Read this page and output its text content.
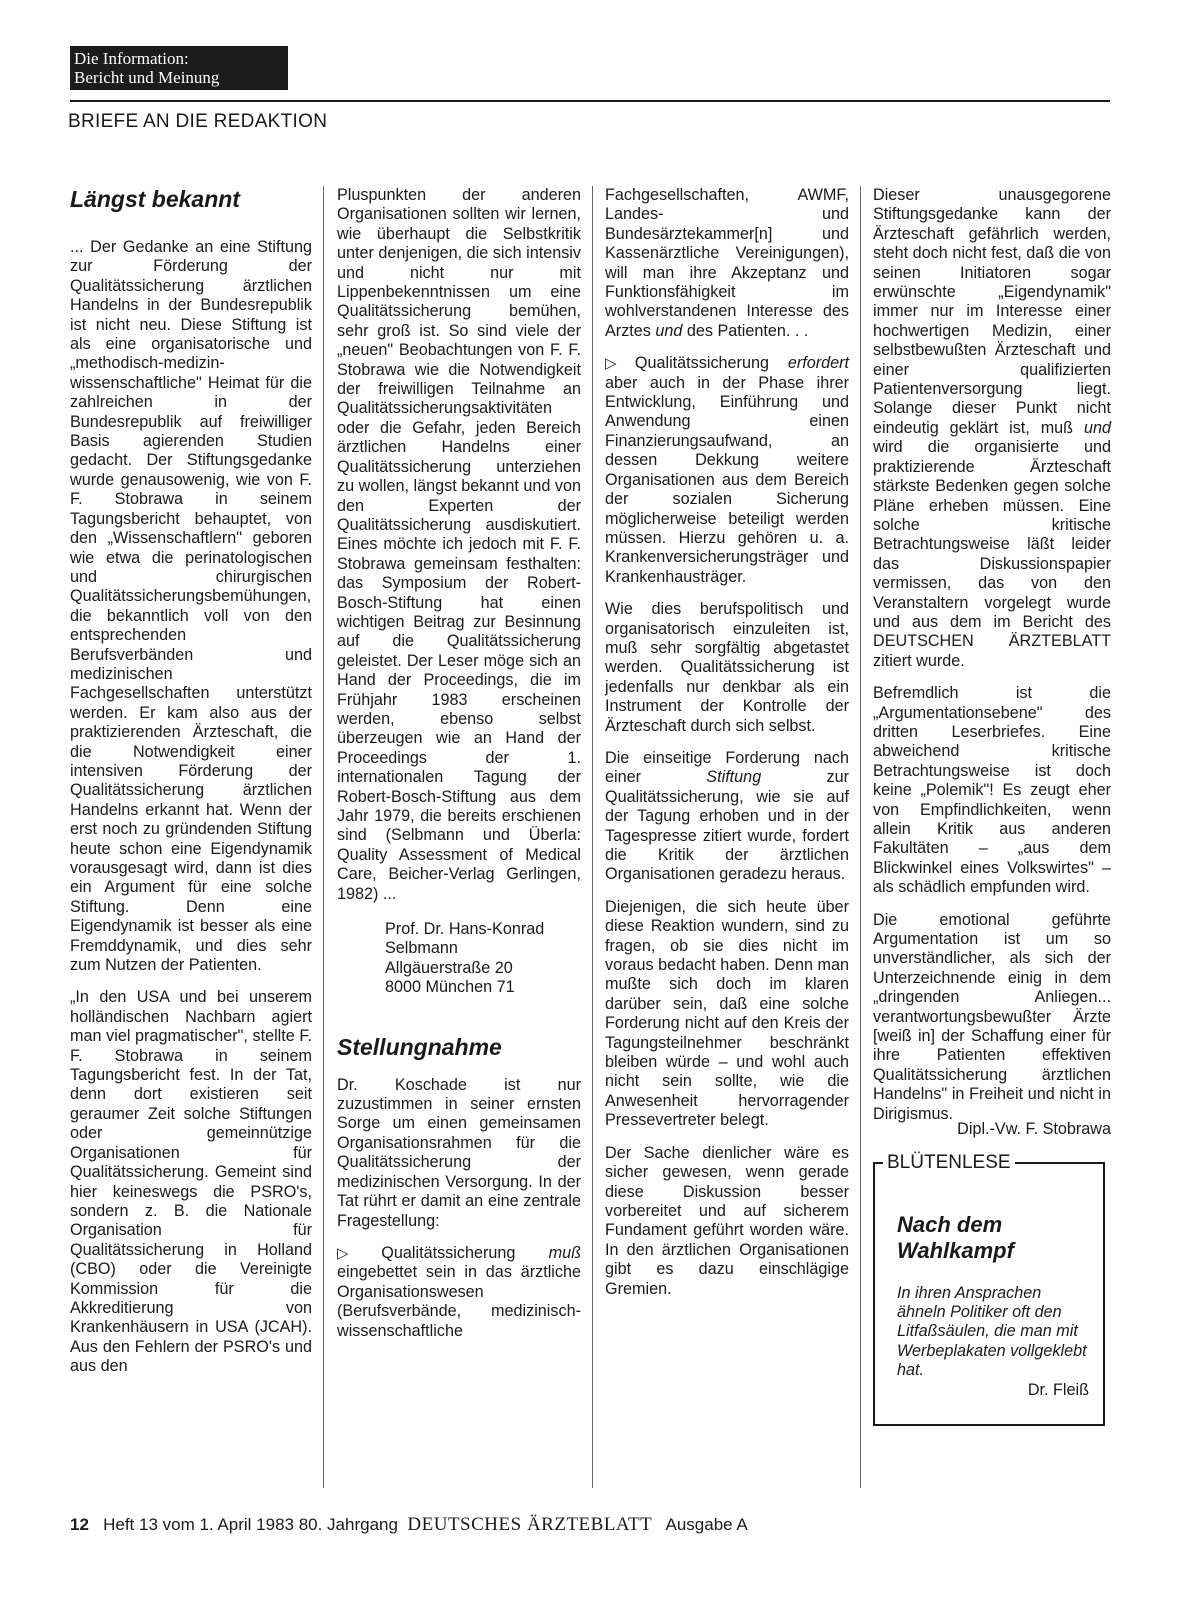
Die Information:
Bericht und Meinung
BRIEFE AN DIE REDAKTION
Längst bekannt

... Der Gedanke an eine Stiftung zur Förderung der Qualitätssicherung ärztlichen Handelns in der Bundesrepublik ist nicht neu. Diese Stiftung ist als eine organisatorische und „methodisch-medizin-wissenschaftliche" Heimat für die zahlreichen in der Bundesrepublik auf freiwilliger Basis agierenden Studien gedacht. Der Stiftungsgedanke wurde genausowenig, wie von F. F. Stobrawa in seinem Tagungsbericht behauptet, von den „Wissenschaftlern" geboren wie etwa die perinatologischen und chirurgischen Qualitätssicherungsbemühungen, die bekanntlich voll von den entsprechenden Berufsverbänden und medizinischen Fachgesellschaften unterstützt werden. Er kam also aus der praktizierenden Ärzteschaft, die die Notwendigkeit einer intensiven Förderung der Qualitätssicherung ärztlichen Handelns erkannt hat. Wenn der erst noch zu gründenden Stiftung heute schon eine Eigendynamik vorausgesagt wird, dann ist dies ein Argument für eine solche Stiftung. Denn eine Eigendynamik ist besser als eine Fremddynamik, und dies sehr zum Nutzen der Patienten.

„In den USA und bei unserem holländischen Nachbarn agiert man viel pragmatischer", stellte F. F. Stobrawa in seinem Tagungsbericht fest. In der Tat, denn dort existieren seit geraumer Zeit solche Stiftungen oder gemeinnützige Organisationen für Qualitätssicherung. Gemeint sind hier keineswegs die PSRO's, sondern z. B. die Nationale Organisation für Qualitätssicherung in Holland (CBO) oder die Vereinigte Kommission für die Akkreditierung von Krankenhäusern in USA (JCAH). Aus den Fehlern der PSRO's und aus den

Pluspunkten der anderen Organisationen sollten wir lernen, wie überhaupt die Selbstkritik unter denjenigen, die sich intensiv und nicht nur mit Lippenbekenntnissen um eine Qualitätssicherung bemühen, sehr groß ist. So sind viele der „neuen" Beobachtungen von F. F. Stobrawa wie die Notwendigkeit der freiwilligen Teilnahme an Qualitätssicherungsaktivitäten oder die Gefahr, jeden Bereich ärztlichen Handelns einer Qualitätssicherung unterziehen zu wollen, längst bekannt und von den Experten der Qualitätssicherung ausdiskutiert. Eines möchte ich jedoch mit F. F. Stobrawa gemeinsam festhalten: das Symposium der Robert-Bosch-Stiftung hat einen wichtigen Beitrag zur Besinnung auf die Qualitätssicherung geleistet. Der Leser möge sich an Hand der Proceedings, die im Frühjahr 1983 erscheinen werden, ebenso selbst überzeugen wie an Hand der Proceedings der 1. internationalen Tagung der Robert-Bosch-Stiftung aus dem Jahr 1979, die bereits erschienen sind (Selbmann und Überla: Quality Assessment of Medical Care, Beicher-Verlag Gerlingen, 1982) ...

Prof. Dr. Hans-Konrad
Selbmann
Allgäuerstraße 20
8000 München 71
Stellungnahme

Dr. Koschade ist nur zuzustimmen in seiner ernsten Sorge um einen gemeinsamen Organisationsrahmen für die Qualitätssicherung der medizinischen Versorgung. In der Tat rührt er damit an eine zentrale Fragestellung:

▷ Qualitätssicherung muß eingebettet sein in das ärztliche Organisationswesen (Berufsverbände, medizinisch-wissenschaftliche

Fachgesellschaften, AWMF, Landes- und Bundesärztekammer[n] und Kassenärztliche Vereinigungen), will man ihre Akzeptanz und Funktionsfähigkeit im wohlverstandenen Interesse des Arztes und des Patienten. . .

▷ Qualitätssicherung erfordert aber auch in der Phase ihrer Entwicklung, Einführung und Anwendung einen Finanzierungsaufwand, an dessen Dekkung weitere Organisationen aus dem Bereich der sozialen Sicherung möglicherweise beteiligt werden müssen. Hierzu gehören u. a. Krankenversicherungsträger und Krankenhausträger.

Wie dies berufspolitisch und organisatorisch einzuleiten ist, muß sehr sorgfältig abgetastet werden. Qualitätssicherung ist jedenfalls nur denkbar als ein Instrument der Kontrolle der Ärzteschaft durch sich selbst.

Die einseitige Forderung nach einer Stiftung zur Qualitätssicherung, wie sie auf der Tagung erhoben und in der Tagespresse zitiert wurde, fordert die Kritik der ärztlichen Organisationen geradezu heraus.

Diejenigen, die sich heute über diese Reaktion wundern, sind zu fragen, ob sie dies nicht im voraus bedacht haben. Denn man mußte sich doch im klaren darüber sein, daß eine solche Forderung nicht auf den Kreis der Tagungsteilnehmer beschränkt bleiben würde – und wohl auch nicht sein sollte, wie die Anwesenheit hervorragender Pressevertreter belegt.

Der Sache dienlicher wäre es sicher gewesen, wenn gerade diese Diskussion besser vorbereitet und auf sicherem Fundament geführt worden wäre. In den ärztlichen Organisationen gibt es dazu einschlägige Gremien.

Dieser unausgegorene Stiftungsgedanke kann der Ärzteschaft gefährlich werden, steht doch nicht fest, daß die von seinen Initiatoren sogar erwünschte „Eigendynamik" immer nur im Interesse einer hochwertigen Medizin, einer selbstbewußten Ärzteschaft und einer qualifizierten Patientenversorgung liegt. Solange dieser Punkt nicht eindeutig geklärt ist, muß und wird die organisierte und praktizierende Ärzteschaft stärkste Bedenken gegen solche Pläne erheben müssen. Eine solche kritische Betrachtungsweise läßt leider das Diskussionspapier vermissen, das von den Veranstaltern vorgelegt wurde und aus dem im Bericht des DEUTSCHEN ÄRZTEBLATT zitiert wurde.

Befremdlich ist die „Argumentationsebene" des dritten Leserbriefes. Eine abweichend kritische Betrachtungsweise ist doch keine „Polemik"! Es zeugt eher von Empfindlichkeiten, wenn allein Kritik aus anderen Fakultäten – „aus dem Blickwinkel eines Volkswirtes" – als schädlich empfunden wird.

Die emotional geführte Argumentation ist um so unverständlicher, als sich der Unterzeichnende einig in dem „dringenden Anliegen... verantwortungsbewußter Ärzte [weiß in] der Schaffung einer für ihre Patienten effektiven Qualitätssicherung ärztlichen Handelns" in Freiheit und nicht in Dirigismus.

Dipl.-Vw. F. Stobrawa

BLÜTENLESE
Nach dem Wahlkampf

In ihren Ansprachen ähneln Politiker oft den Litfaßsäulen, die man mit Werbeplakaten vollgeklebt hat.

Dr. Fleiß

12 Heft 13 vom 1. April 1983 80. Jahrgang DEUTSCHES ÄRZTEBLATT Ausgabe A
